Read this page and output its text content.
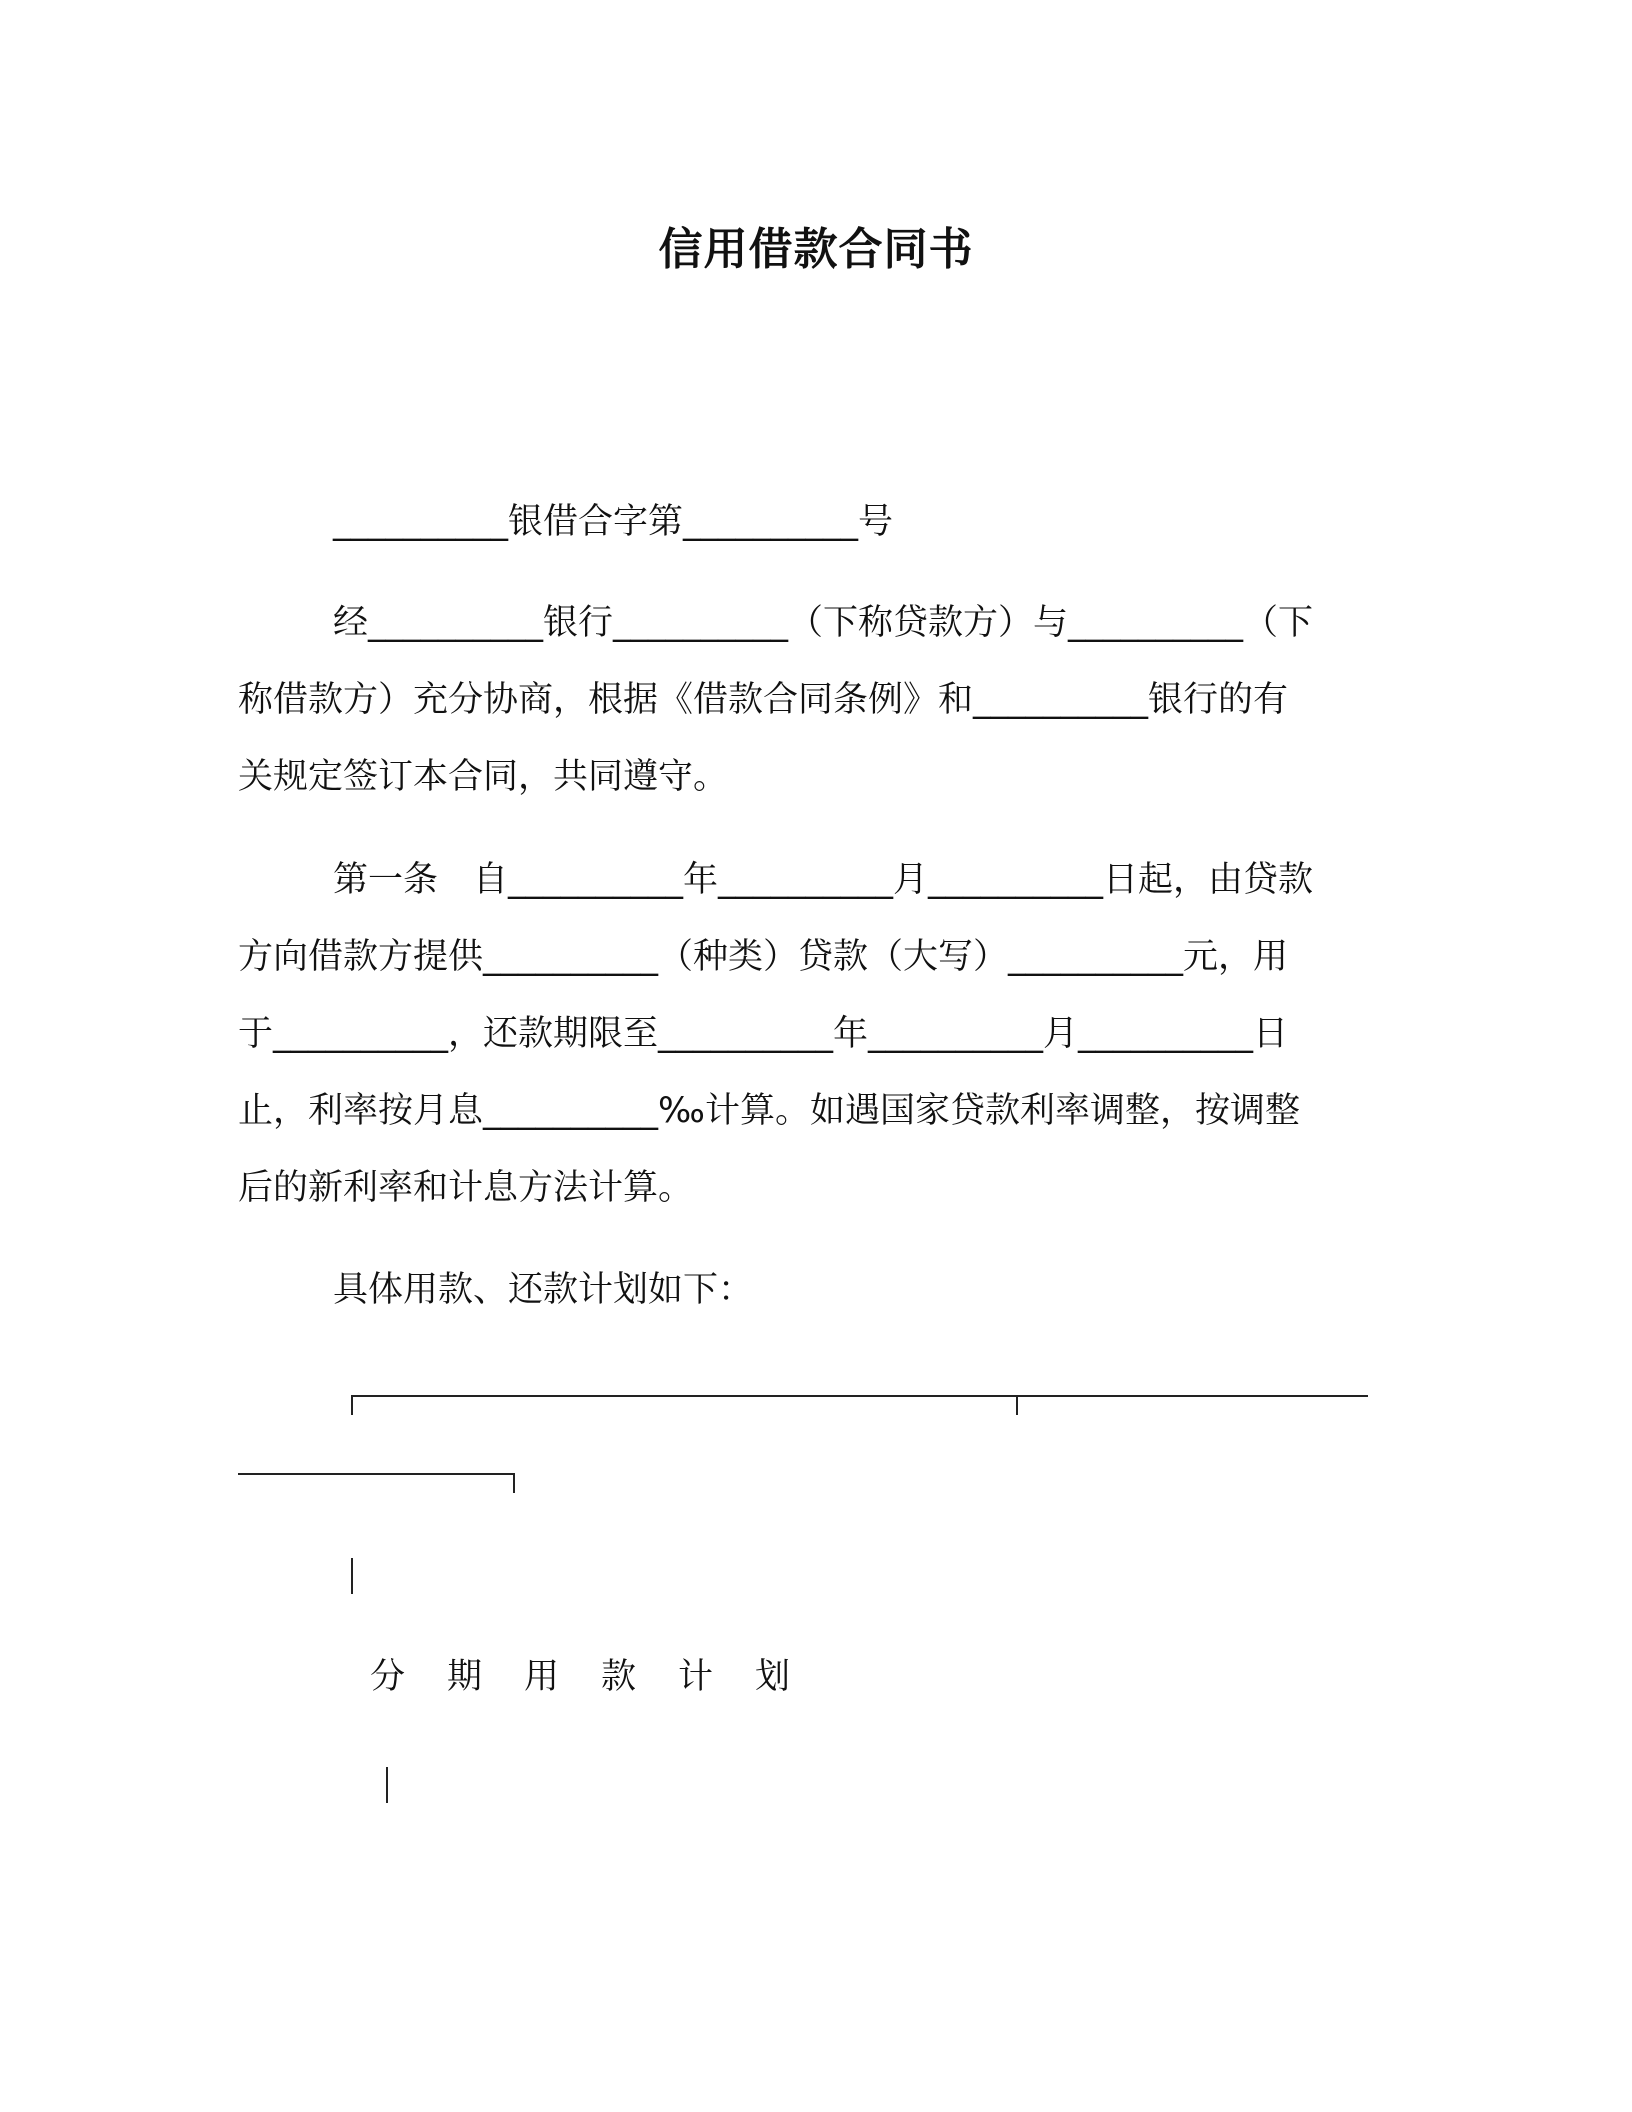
信用借款合同书
__________银借合字第__________号
经__________银行__________（下称贷款方）与__________（下
称借款方）充分协商，根据《借款合同条例》和__________银行的有
关规定签订本合同，共同遵守。
第一条　自__________年__________月__________日起，由贷款
方向借款方提供__________（种类）贷款（大写）__________元，用
于__________，还款期限至__________年__________月__________日
止，利率按月息__________‰计算。如遇国家贷款利率调整，按调整
后的新利率和计息方法计算。
具体用款、还款计划如下：
分期用款计划
